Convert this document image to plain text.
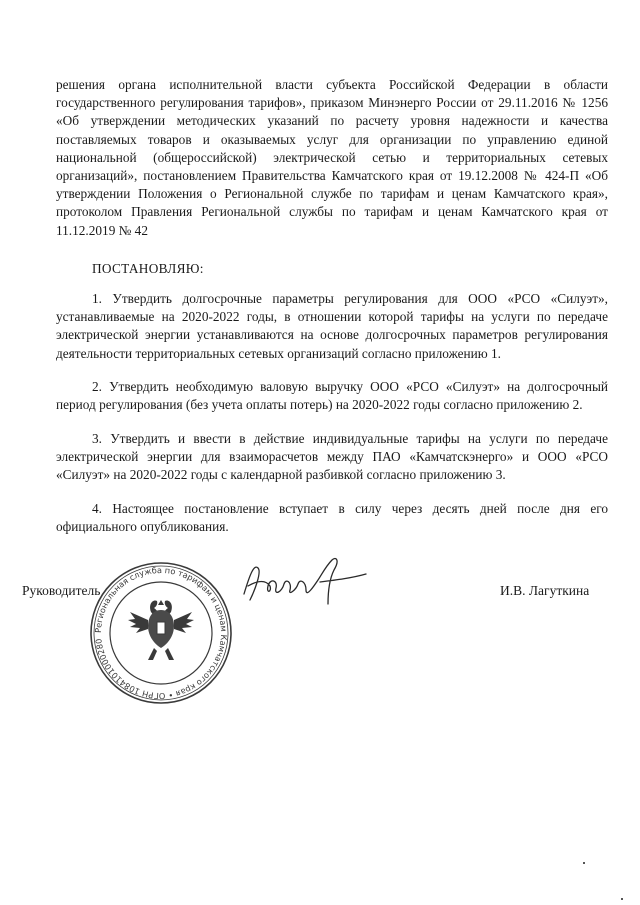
решения органа исполнительной власти субъекта Российской Федерации в области государственного регулирования тарифов», приказом Минэнерго России от 29.11.2016 № 1256 «Об утверждении методических указаний по расчету уровня надежности и качества поставляемых товаров и оказываемых услуг для организации по управлению единой национальной (общероссийской) электрической сетью и территориальных сетевых организаций», постановлением Правительства Камчатского края от 19.12.2008 № 424-П «Об утверждении Положения о Региональной службе по тарифам и ценам Камчатского края», протоколом Правления Региональной службы по тарифам и ценам Камчатского края от 11.12.2019 № 42

ПОСТАНОВЛЯЮ:

1. Утвердить долгосрочные параметры регулирования для ООО «РСО «Силуэт», устанавливаемые на 2020-2022 годы, в отношении которой тарифы на услуги по передаче электрической энергии устанавливаются на основе долгосрочных параметров регулирования деятельности территориальных сетевых организаций согласно приложению 1.

2. Утвердить необходимую валовую выручку ООО «РСО «Силуэт» на долгосрочный период регулирования (без учета оплаты потерь) на 2020-2022 годы согласно приложению 2.

3. Утвердить и ввести в действие индивидуальные тарифы на услуги по передаче электрической энергии для взаиморасчетов между ПАО «Камчатскэнерго» и ООО «РСО «Силуэт» на 2020-2022 годы с календарной разбивкой согласно приложению 3.

4. Настоящее постановление вступает в силу через десять дней после дня его официального опубликования.

Региональная служба по тарифам и ценам Камчатского края • ОГРН 1084101000280
Руководитель	И.В. Лагуткина
